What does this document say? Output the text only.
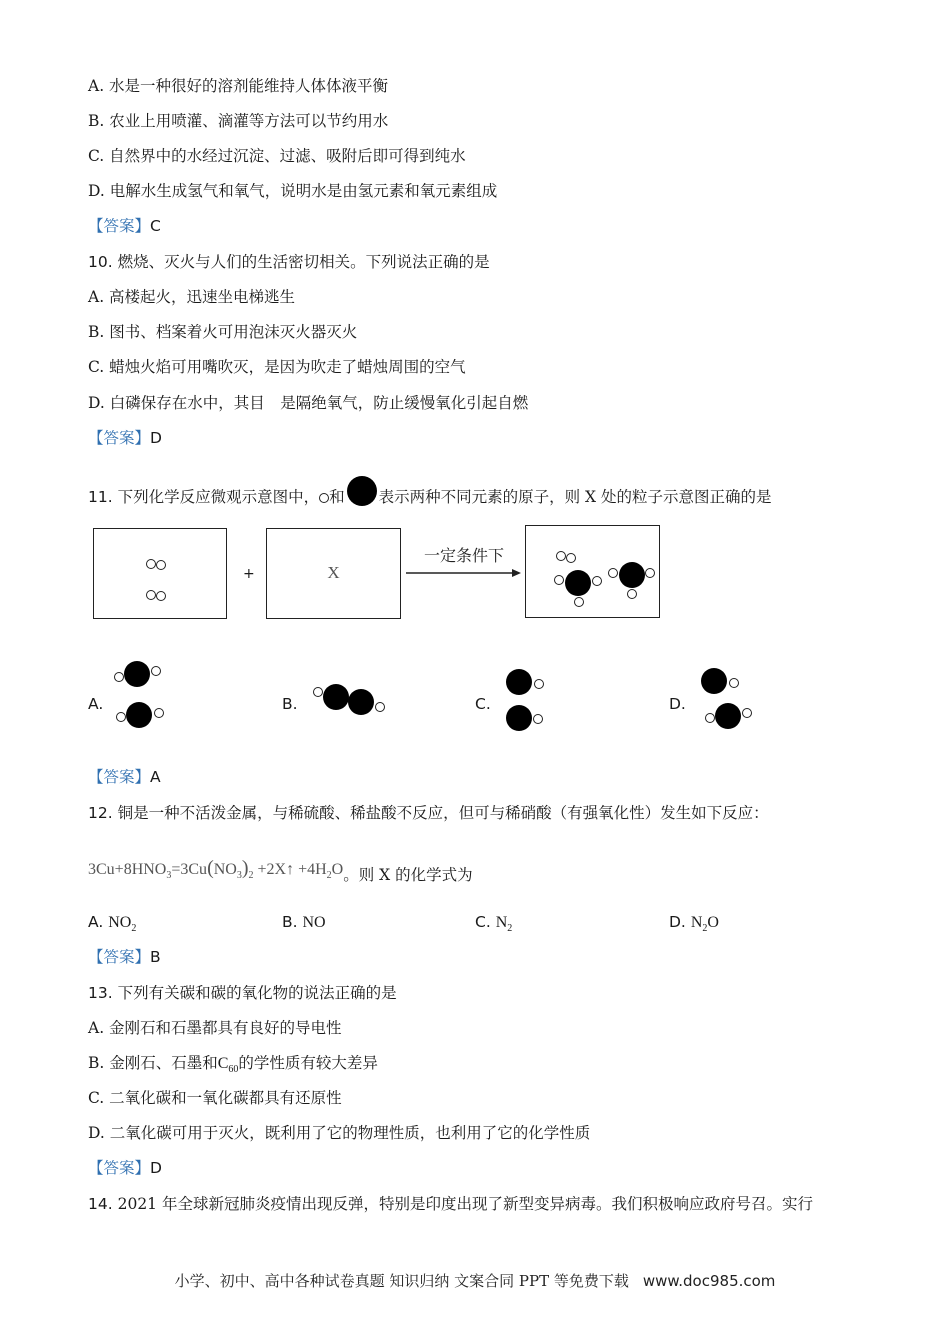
A. 水是一种很好的溶剂能维持人体体液平衡
B. 农业上用喷灌、滴灌等方法可以节约用水
C. 自然界中的水经过沉淀、过滤、吸附后即可得到纯水
D. 电解水生成氢气和氧气，说明水是由氢元素和氧元素组成
【答案】C
10. 燃烧、灭火与人们的生活密切相关。下列说法正确的是
A. 高楼起火，迅速坐电梯逃生
B. 图书、档案着火可用泡沫灭火器灭火
C. 蜡烛火焰可用嘴吹灭，是因为吹走了蜡烛周围的空气
D. 白磷保存在水中，其目　是隔绝氧气，防止缓慢氧化引起自燃
【答案】D
11. 下列化学反应微观示意图中， 和 表示两种不同元素的原子，则 X 处的粒子示意图正确的是
+	X
一定条件下
A.	B.	C.	D.
【答案】A
12. 铜是一种不活泼金属，与稀硫酸、稀盐酸不反应，但可与稀硝酸（有强氧化性）发生如下反应：
$3Cu+8HNO_3=3Cu(NO_3)_2$ +2X↑ $+4H_2O$。则 X 的化学式为
A. $NO_2$	B. NO	C. $N_2$	D. $N_2O$
【答案】B
13. 下列有关碳和碳的氧化物的说法正确的是
A. 金刚石和石墨都具有良好的导电性
B. 金刚石、石墨和$C_{60}$的学性质有较大差异
C. 二氧化碳和一氧化碳都具有还原性
D. 二氧化碳可用于灭火，既利用了它的物理性质，也利用了它的化学性质
【答案】D
14. 2021 年全球新冠肺炎疫情出现反弹，特别是印度出现了新型变异病毒。我们积极响应政府号召。实行
小学、初中、高中各种试卷真题 知识归纳 文案合同 PPT 等免费下载 www.doc985.com
